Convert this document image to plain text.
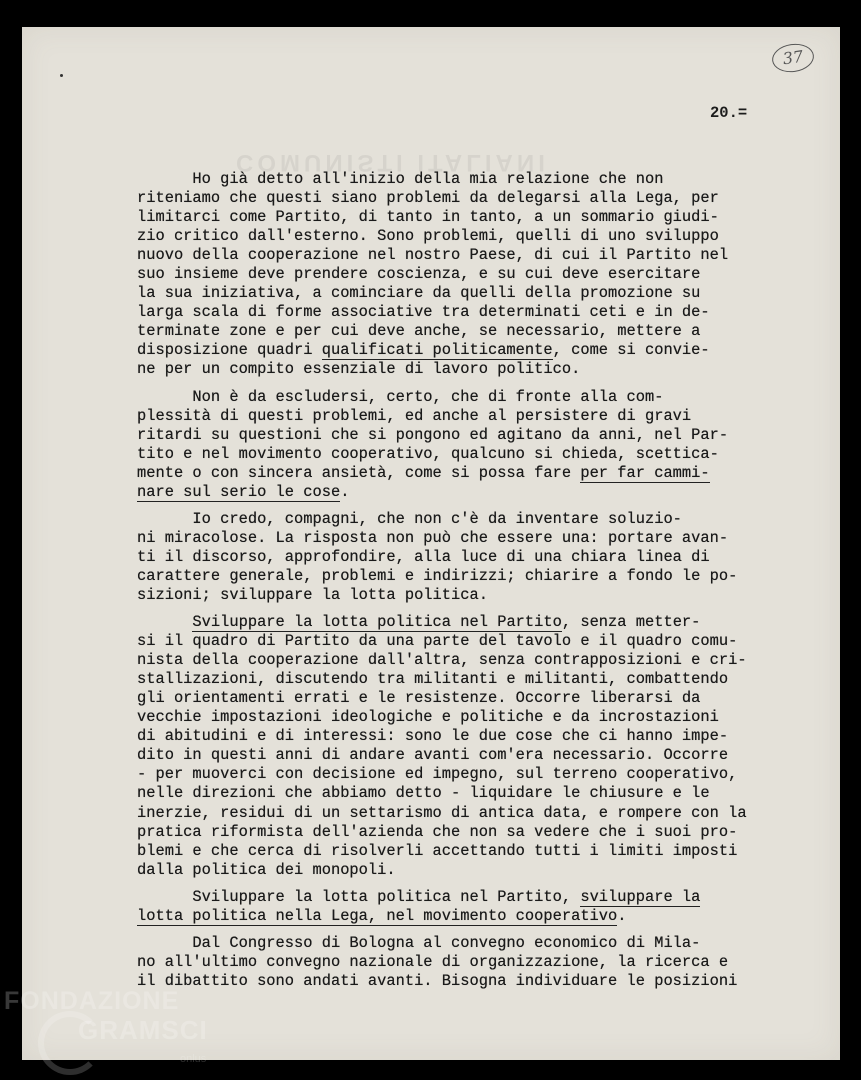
37
20.=
COMUNISTI ITALIANI
Ho già detto all'inizio della mia relazione che non
riteniamo che questi siano problemi da delegarsi alla Lega, per
limitarci come Partito, di tanto in tanto, a un sommario giudi-
zio critico dall'esterno. Sono problemi, quelli di uno sviluppo
nuovo della cooperazione nel nostro Paese, di cui il Partito nel
suo insieme deve prendere coscienza, e su cui deve esercitare
la sua iniziativa, a cominciare da quelli della promozione su
larga scala di forme associative tra determinati ceti e in de-
terminate zone e per cui deve anche, se necessario, mettere a
disposizione quadri qualificati politicamente, come si convie-
ne per un compito essenziale di lavoro politico.
Non è da escludersi, certo, che di fronte alla com-
plessità di questi problemi, ed anche al persistere di gravi
ritardi su questioni che si pongono ed agitano da anni, nel Par-
tito e nel movimento cooperativo, qualcuno si chieda, scettica-
mente o con sincera ansietà, come si possa fare per far cammi-
nare sul serio le cose.
Io credo, compagni, che non c'è da inventare soluzio-
ni miracolose. La risposta non può che essere una: portare avan-
ti il discorso, approfondire, alla luce di una chiara linea di
carattere generale, problemi e indirizzi; chiarire a fondo le po-
sizioni; sviluppare la lotta politica.
Sviluppare la lotta politica nel Partito, senza metter-
si il quadro di Partito da una parte del tavolo e il quadro comu-
nista della cooperazione dall'altra, senza contrapposizioni e cri-
stallizazioni, discutendo tra militanti e militanti, combattendo
gli orientamenti errati e le resistenze. Occorre liberarsi da
vecchie impostazioni ideologiche e politiche e da incrostazioni
di abitudini e di interessi: sono le due cose che ci hanno impe-
dito in questi anni di andare avanti com'era necessario. Occorre
- per muoverci con decisione ed impegno, sul terreno cooperativo,
nelle direzioni che abbiamo detto - liquidare le chiusure e le
inerzie, residui di un settarismo di antica data, e rompere con la
pratica riformista dell'azienda che non sa vedere che i suoi pro-
blemi e che cerca di risolverli accettando tutti i limiti imposti
dalla politica dei monopoli.
Sviluppare la lotta politica nel Partito, sviluppare la
lotta politica nella Lega, nel movimento cooperativo.
Dal Congresso di Bologna al convegno economico di Mila-
no all'ultimo convegno nazionale di organizzazione, la ricerca e
il dibattito sono andati avanti. Bisogna individuare le posizioni
FONDAZIONE
GRAMSCI
onlus
